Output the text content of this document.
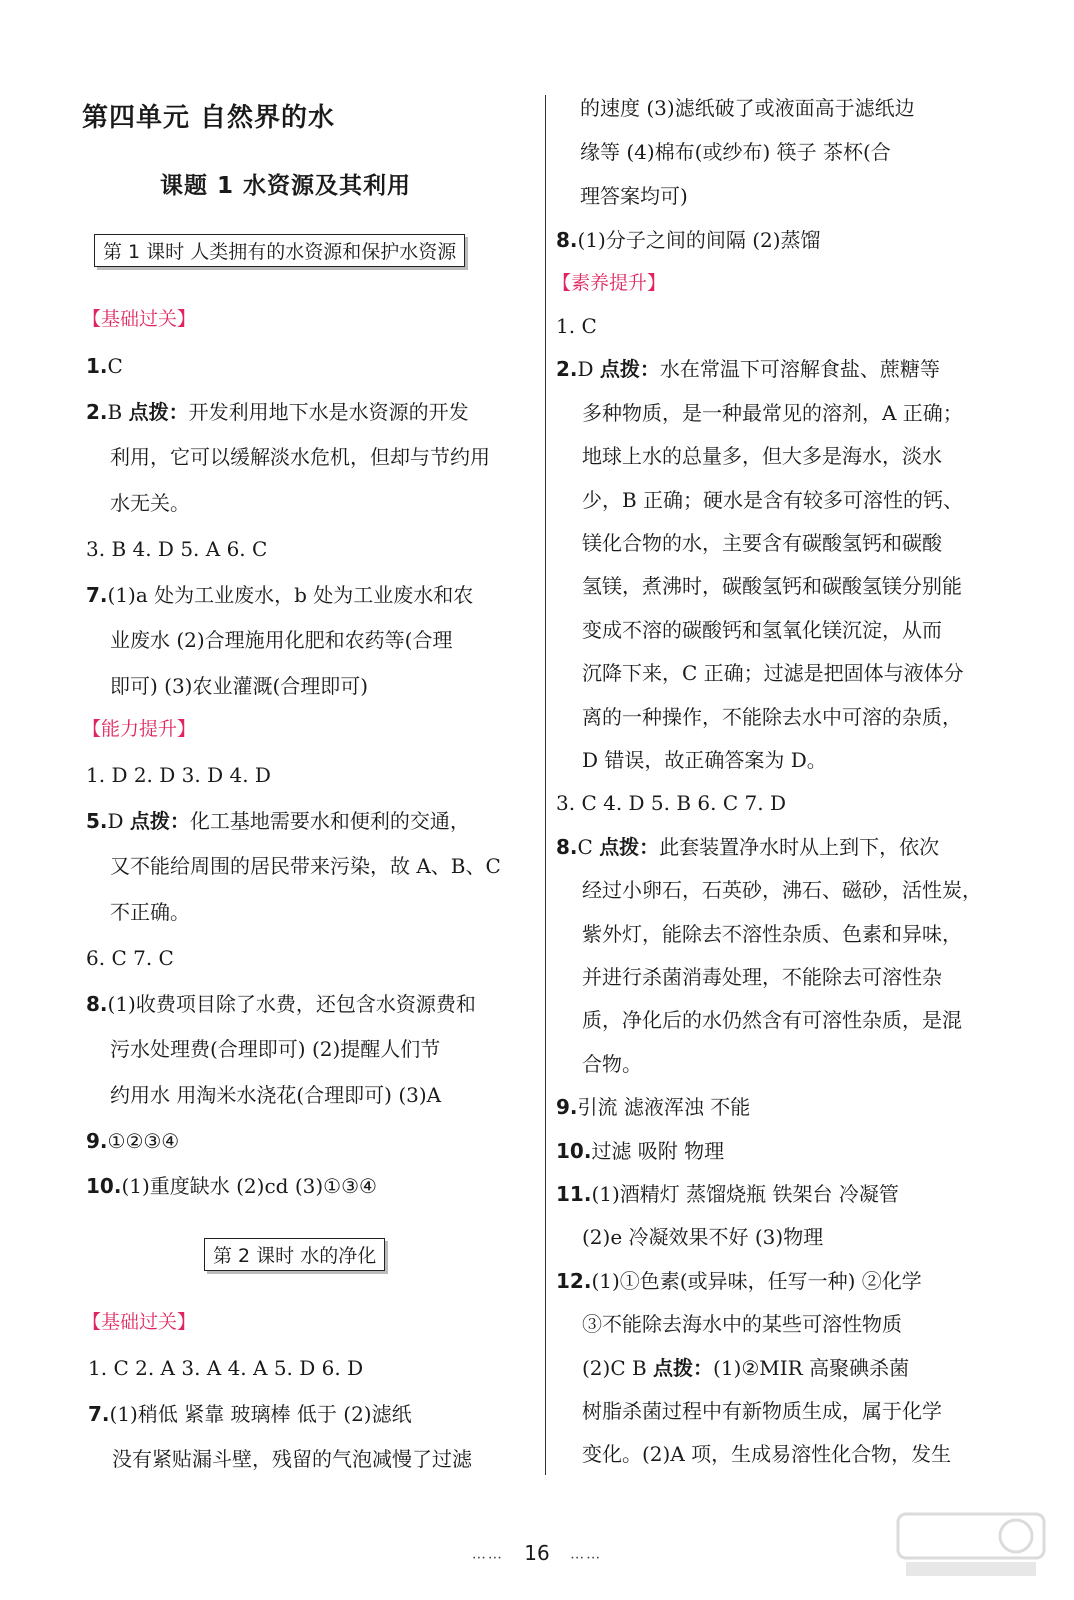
第四单元 自然界的水
课题 1 水资源及其利用
第 1 课时 人类拥有的水资源和保护水资源
【基础过关】
1.C
2.B 点拨：开发利用地下水是水资源的开发
利用，它可以缓解淡水危机，但却与节约用
水无关。
3. B 4. D 5. A 6. C
7.(1)a 处为工业废水，b 处为工业废水和农
业废水 (2)合理施用化肥和农药等(合理
即可) (3)农业灌溉(合理即可)
【能力提升】
1. D 2. D 3. D 4. D
5.D 点拨：化工基地需要水和便利的交通，
又不能给周围的居民带来污染，故 A、B、C
不正确。
6. C 7. C
8.(1)收费项目除了水费，还包含水资源费和
污水处理费(合理即可) (2)提醒人们节
约用水 用淘米水浇花(合理即可) (3)A
9.①②③④
10.(1)重度缺水 (2)cd (3)①③④
【基础过关】
1. C 2. A 3. A 4. A 5. D 6. D
7.(1)稍低 紧靠 玻璃棒 低于 (2)滤纸
没有紧贴漏斗壁，残留的气泡减慢了过滤
的速度 (3)滤纸破了或液面高于滤纸边
缘等 (4)棉布(或纱布) 筷子 茶杯(合
理答案均可)
8.(1)分子之间的间隔 (2)蒸馏
【素养提升】
1. C
2.D 点拨：水在常温下可溶解食盐、蔗糖等
多种物质，是一种最常见的溶剂，A 正确；
地球上水的总量多，但大多是海水，淡水
少，B 正确；硬水是含有较多可溶性的钙、
镁化合物的水，主要含有碳酸氢钙和碳酸
氢镁，煮沸时，碳酸氢钙和碳酸氢镁分别能
变成不溶的碳酸钙和氢氧化镁沉淀，从而
沉降下来，C 正确；过滤是把固体与液体分
离的一种操作，不能除去水中可溶的杂质，
D 错误，故正确答案为 D。
3. C 4. D 5. B 6. C 7. D
8.C 点拨：此套装置净水时从上到下，依次
经过小卵石，石英砂，沸石、磁砂，活性炭，
紫外灯，能除去不溶性杂质、色素和异味，
并进行杀菌消毒处理，不能除去可溶性杂
质，净化后的水仍然含有可溶性杂质，是混
合物。
9.引流 滤液浑浊 不能
10.过滤 吸附 物理
11.(1)酒精灯 蒸馏烧瓶 铁架台 冷凝管
(2)e 冷凝效果不好 (3)物理
12.(1)①色素(或异味，任写一种) ②化学
③不能除去海水中的某些可溶性物质
(2)C B 点拨：(1)②MIR 高聚碘杀菌
树脂杀菌过程中有新物质生成，属于化学
变化。(2)A 项，生成易溶性化合物，发生
第 2 课时 水的净化
…… 16 ……
